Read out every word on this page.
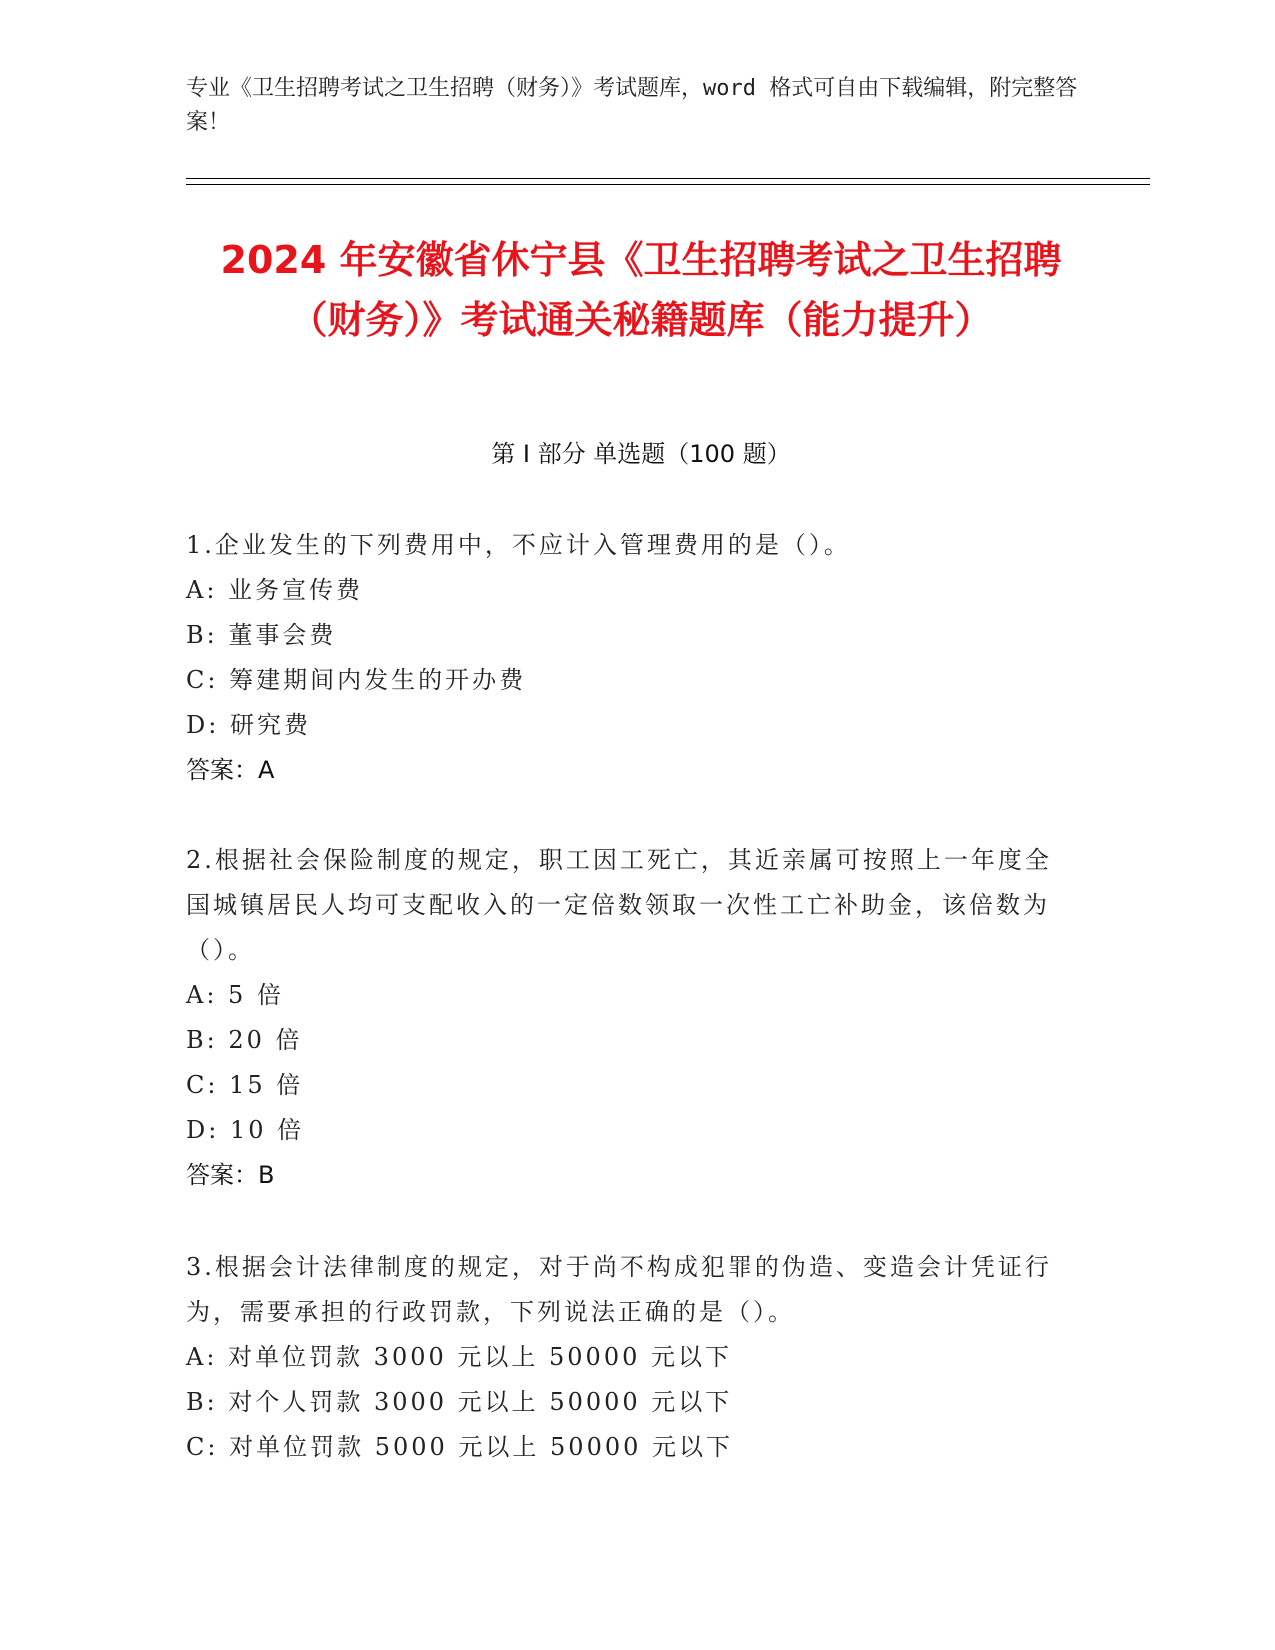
专业《卫生招聘考试之卫生招聘（财务）》考试题库，word 格式可自由下载编辑，附完整答案！
2024 年安徽省休宁县《卫生招聘考试之卫生招聘（财务）》考试通关秘籍题库（能力提升）
第 I 部分 单选题（100 题）

1.企业发生的下列费用中，不应计入管理费用的是（）。

A: 业务宣传费

B: 董事会费

C: 筹建期间内发生的开办费

D: 研究费

答案：A

2.根据社会保险制度的规定，职工因工死亡，其近亲属可按照上一年度全国城镇居民人均可支配收入的一定倍数领取一次性工亡补助金，该倍数为（）。

A: 5 倍

B: 20 倍

C: 15 倍

D: 10 倍

答案：B

3.根据会计法律制度的规定，对于尚不构成犯罪的伪造、变造会计凭证行为，需要承担的行政罚款，下列说法正确的是（）。

A: 对单位罚款 3000 元以上 50000 元以下

B: 对个人罚款 3000 元以上 50000 元以下

C: 对单位罚款 5000 元以上 50000 元以下
